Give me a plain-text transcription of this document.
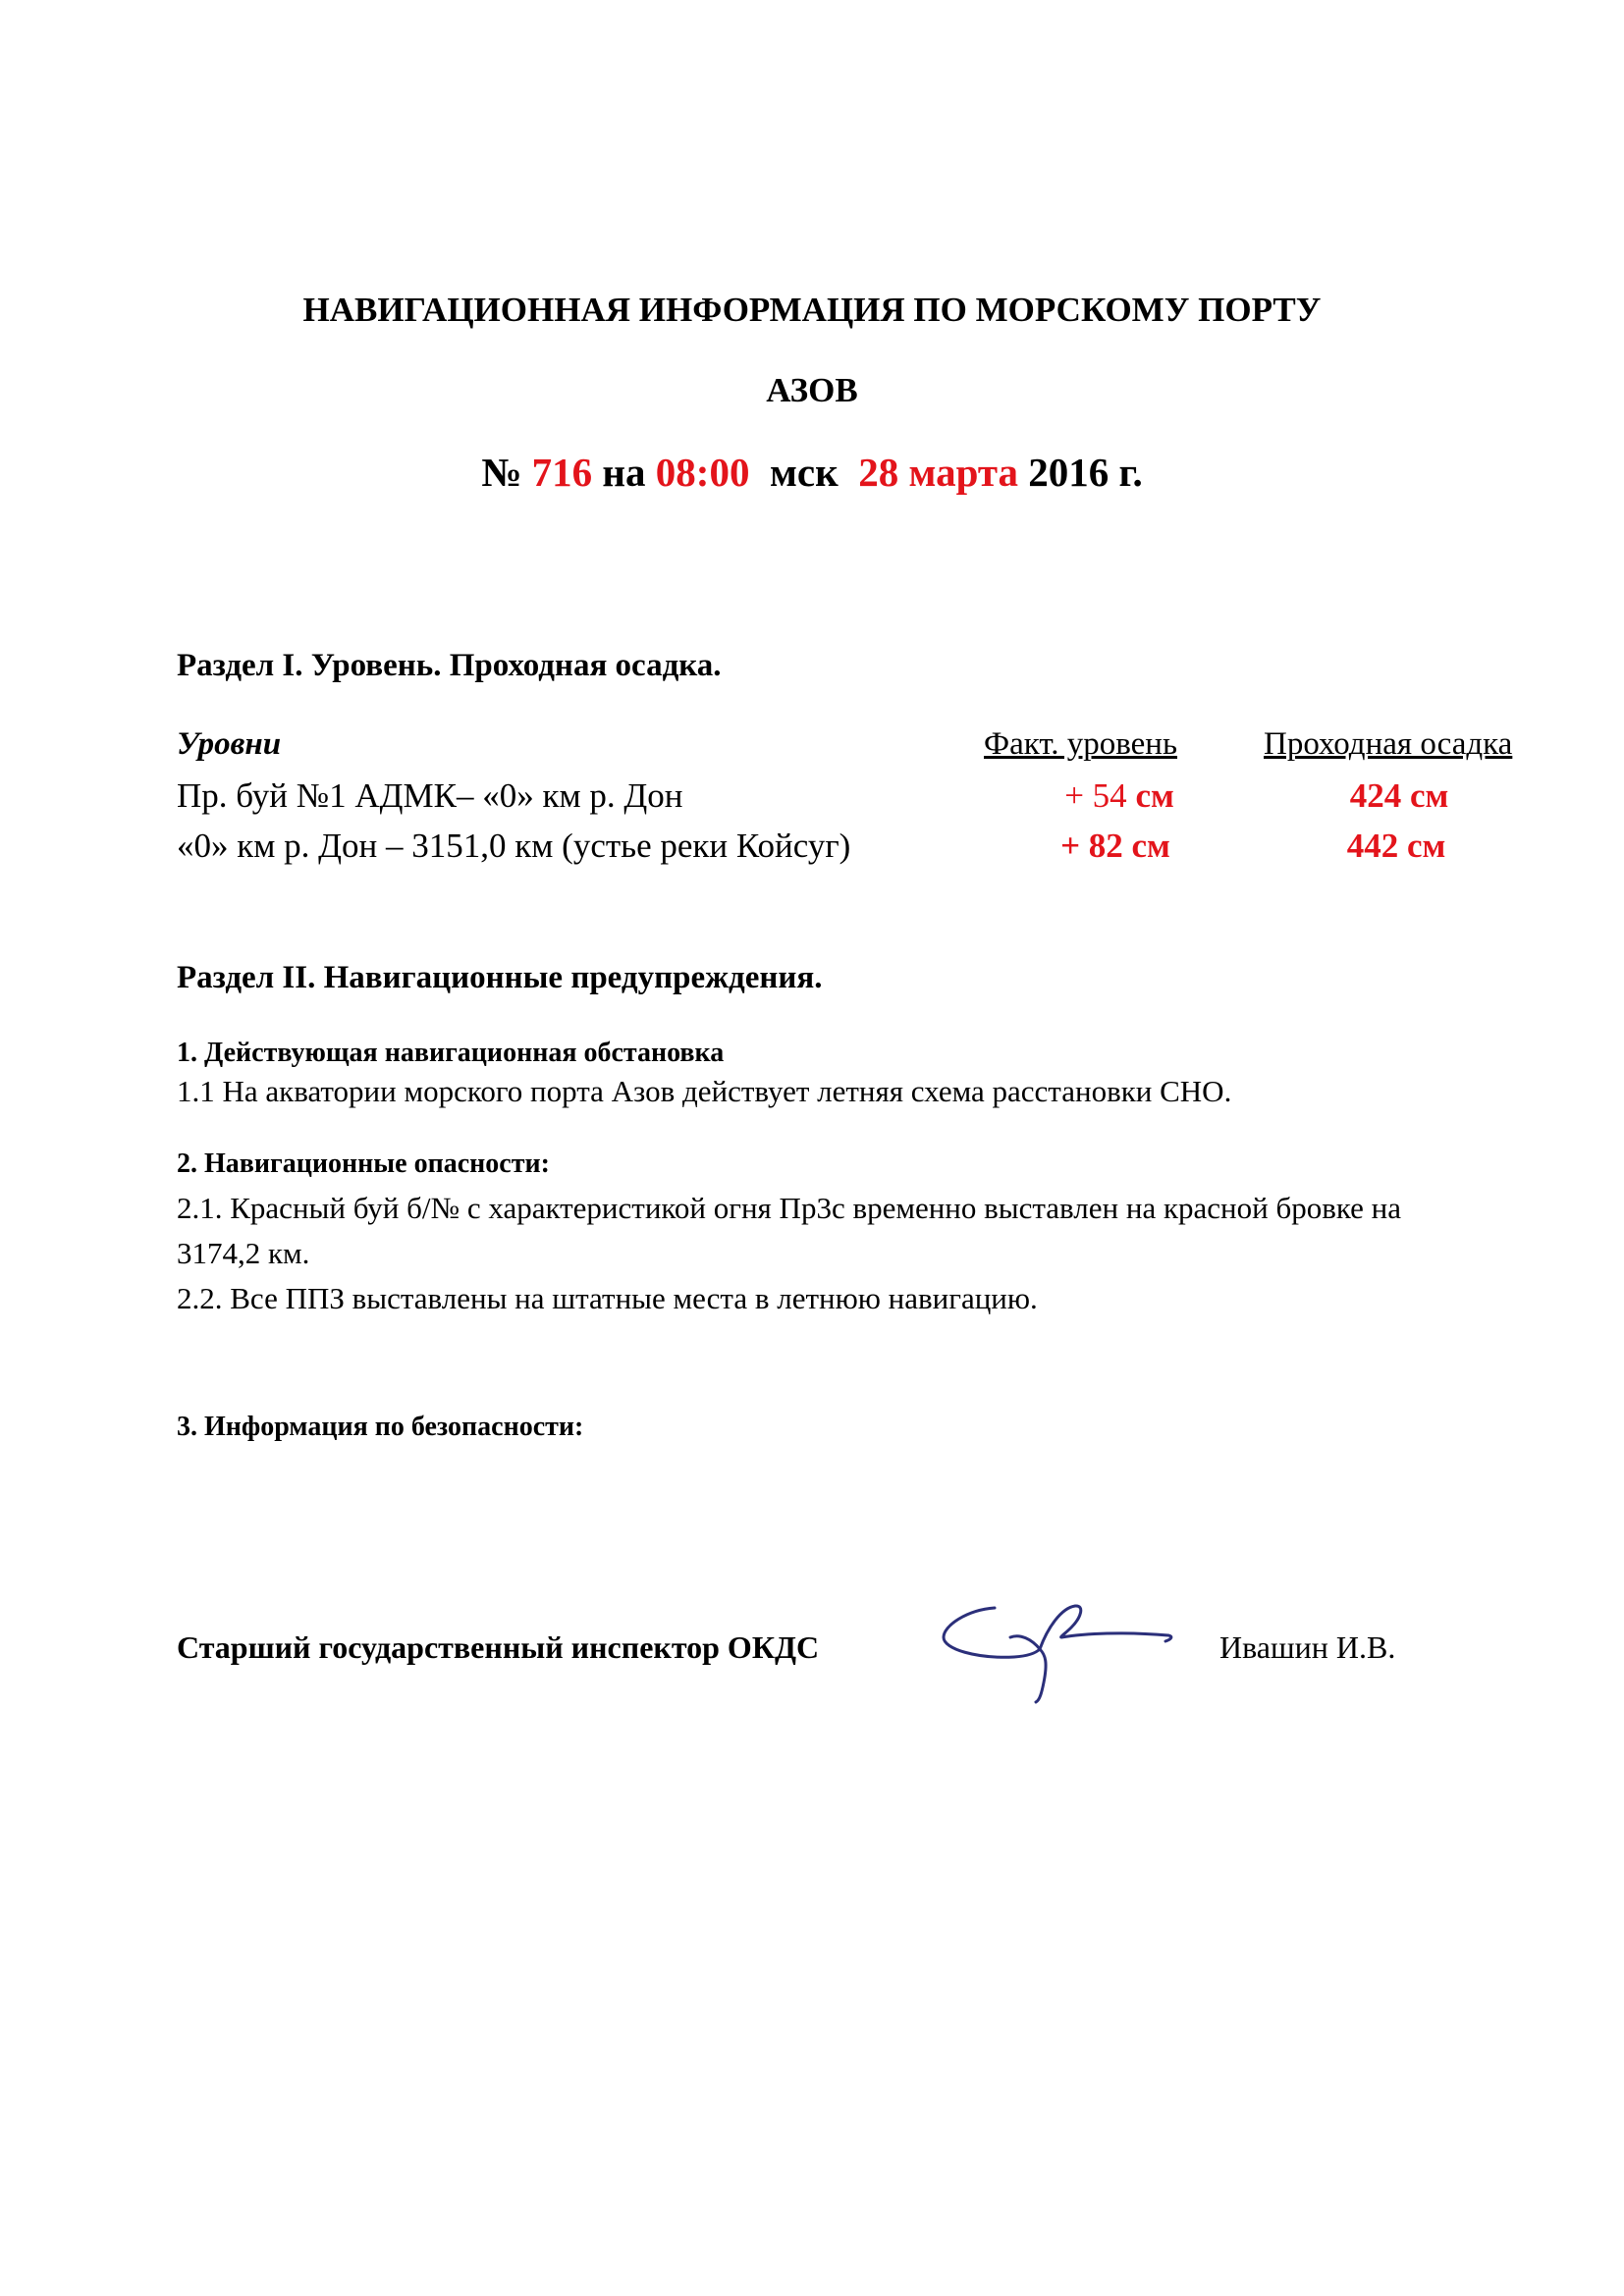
НАВИГАЦИОННАЯ ИНФОРМАЦИЯ ПО МОРСКОМУ ПОРТУ
АЗОВ
№ 716 на 08:00 мск 28 марта 2016 г.
Раздел I. Уровень. Проходная осадка.
Уровни	Факт. уровень	Проходная осадка
Пр. буй №1 АДМК– «0» км р. Дон	+ 54 см	424 см
«0» км р. Дон – 3151,0 км (устье реки Койсуг)	+ 82 см	442 см
Раздел II. Навигационные предупреждения.
1. Действующая навигационная обстановка
1.1 На акватории морского порта Азов действует летняя схема расстановки СНО.
2. Навигационные опасности:
2.1. Красный буй б/№ с характеристикой огня Пр3с временно выставлен на красной бровке на
3174,2 км.
2.2. Все ППЗ выставлены на штатные места в летнюю навигацию.
3. Информация по безопасности:
Старший государственный инспектор ОКДС	Ивашин И.В.
